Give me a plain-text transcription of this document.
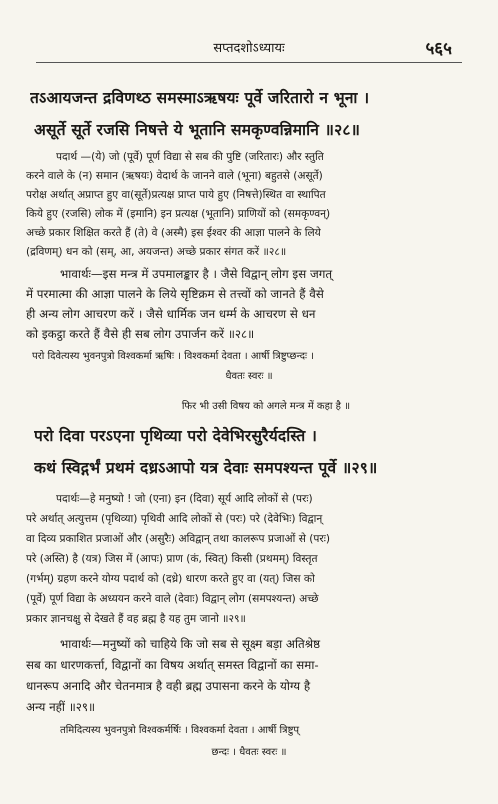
सप्तदशोऽध्यायः	५६५
तऽआयजन्त द्रविणथ्ठ समस्माऽऋषयः पूर्वे जरितारो न भूना ।
असूर्ते सूर्ते रजसि निषत्ते ये भूतानि समकृण्वन्निमानि ॥२८॥
पदार्थ —(ये) जो (पूर्वे) पूर्ण विद्या से सब की पुष्टि (जरितारः) और स्तुति
करने वाले के (न) समान (ऋषयः) वेदार्थ के जानने वाले (भूना) बहुतसे (असूर्ते)
परोक्ष अर्थात् अप्राप्त हुए वा(सूर्ते)प्रत्यक्ष प्राप्त पाये हुए (निषत्ते)स्थित वा स्थापित
किये हुए (रजसि) लोक में (इमानि) इन प्रत्यक्ष (भूतानि) प्राणियों को (समकृण्वन्)
अच्छे प्रकार शिक्षित करते हैं (ते) वे (अस्मै) इस ईश्वर की आज्ञा पालने के लिये
(द्रविणम्) धन को (सम्, आ, अयजन्त) अच्छे प्रकार संगत करें ॥२८॥
भावार्थः—इस मन्त्र में उपमालङ्कार है । जैसे विद्वान् लोग इस जगत्
में परमात्मा की आज्ञा पालने के लिये सृष्टिक्रम से तत्त्वों को जानते हैं वैसे
ही अन्य लोग आचरण करें । जैसे धार्मिक जन धर्म्म के आचरण से धन
को इकट्ठा करते हैं वैसे ही सब लोग उपार्जन करें ॥२८॥
परो दिवेत्यस्य भुवनपुत्रो विश्वकर्मा ऋषिः । विश्वकर्मा देवता । आर्षी त्रिष्टुप्छन्दः ।
धैवतः स्वरः ॥
फिर भी उसी विषय को अगले मन्त्र में कहा है ॥
परो दिवा परऽएना पृथिव्या परो देवेभिरसुरैर्यदस्ति ।
कथं स्विद्गर्भं प्रथमं दध्रऽआपो यत्र देवाः समपश्यन्त पूर्वे ॥२९॥
पदार्थः—हे मनुष्यो ! जो (एना) इन (दिवा) सूर्य आदि लोकों से (परः)
परे अर्थात् अत्युत्तम (पृथिव्या) पृथिवी आदि लोकों से (परः) परे (देवेभिः) विद्वान्
वा दिव्य प्रकाशित प्रजाओं और (असुरैः) अविद्वान् तथा कालरूप प्रजाओं से (परः)
परे (अस्ति) है (यत्र) जिस में (आपः) प्राण (कं, स्वित्) किसी (प्रथमम्) विस्तृत
(गर्भम्) ग्रहण करने योग्य पदार्थ को (दध्रे) धारण करते हुए वा (यत्) जिस को
(पूर्वे) पूर्ण विद्या के अध्ययन करने वाले (देवाः) विद्वान् लोग (समपश्यन्त) अच्छे
प्रकार ज्ञानचक्षु से देखते हैं वह ब्रह्म है यह तुम जानो ॥२९॥
भावार्थः—मनुष्यों को चाहिये कि जो सब से सूक्ष्म बड़ा अतिश्रेष्ठ
सब का धारणकर्त्ता, विद्वानों का विषय अर्थात् समस्त विद्वानों का समा-
धानरूप अनादि और चेतनमात्र है वही ब्रह्म उपासना करने के योग्य है
अन्य नहीं ॥२९॥
तमिदित्यस्य भुवनपुत्रो विश्वकर्मर्षिः । विश्वकर्मा देवता । आर्षी त्रिष्टुप्
छन्दः । धैवतः स्वरः ॥
